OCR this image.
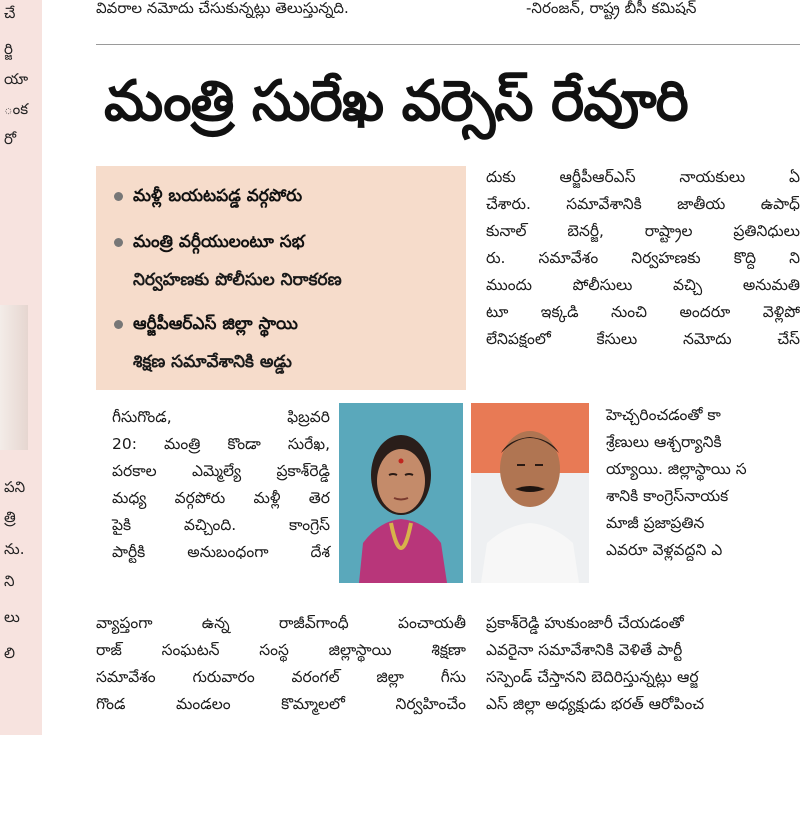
చే
ర్జి
యా
ంక
రో
పని
త్రి
ను.
ని
లు
లి
వివరాల నమోదు చేసుకున్నట్లు తెలుస్తున్నది.	-నిరంజన్, రాష్ట్ర బీసీ కమిషన్
మంత్రి సురేఖ వర్సెస్ రేవూరి
మళ్లీ బయటపడ్డ వర్గపోరు
మంత్రి వర్గీయులంటూ సభ
నిర్వహణకు పోలీసుల నిరాకరణ
ఆర్జీపీఆర్ఎస్ జిల్లా స్థాయి
శిక్షణ సమావేశానికి అడ్డు
గీసుగొండ, ఫిబ్రవరి
20: మంత్రి కొండా సురేఖ,
పరకాల ఎమ్మెల్యే ప్రకాశ్‌రెడ్డి
మధ్య వర్గపోరు మళ్లీ తెర
పైకి వచ్చింది. కాంగ్రెస్
పార్టీకి అనుబంధంగా దేశ
వ్యాప్తంగా ఉన్న రాజీవ్‌గాంధీ పంచాయతీ
రాజ్ సంఘటన్ సంస్థ జిల్లాస్థాయి శిక్షణా
సమావేశం గురువారం వరంగల్ జిల్లా గీసు
గొండ మండలం కొమ్మాలలో నిర్వహించేం
దుకు ఆర్జీపీఆర్ఎస్ నాయకులు ఏ
చేశారు. సమావేశానికి జాతీయ ఉపాధ్
కునాల్ బెనర్జీ, రాష్ట్రాల ప్రతినిధులు
రు. సమావేశం నిర్వహణకు కొద్ది ని
ముందు పోలీసులు వచ్చి అనుమతి
టూ ఇక్కడి నుంచి అందరూ వెళ్లిపో
లేనిపక్షంలో కేసులు నమోదు చేస్
హెచ్చరించడంతో కా
శ్రేణులు ఆశ్చర్యానికి
య్యాయి. జిల్లాస్థాయి స
శానికి కాంగ్రెస్‌నాయక
మాజీ ప్రజాప్రతిన
ఎవరూ వెళ్లవద్దని ఎ
ప్రకాశ్‌రెడ్డి హుకుంజారీ చేయడంతో
ఎవరైనా సమావేశానికి వెళితే పార్టీ
సస్పెండ్ చేస్తానని బెదిరిస్తున్నట్లు ఆర్జ
ఎస్ జిల్లా అధ్యక్షుడు భరత్ ఆరోపించ
